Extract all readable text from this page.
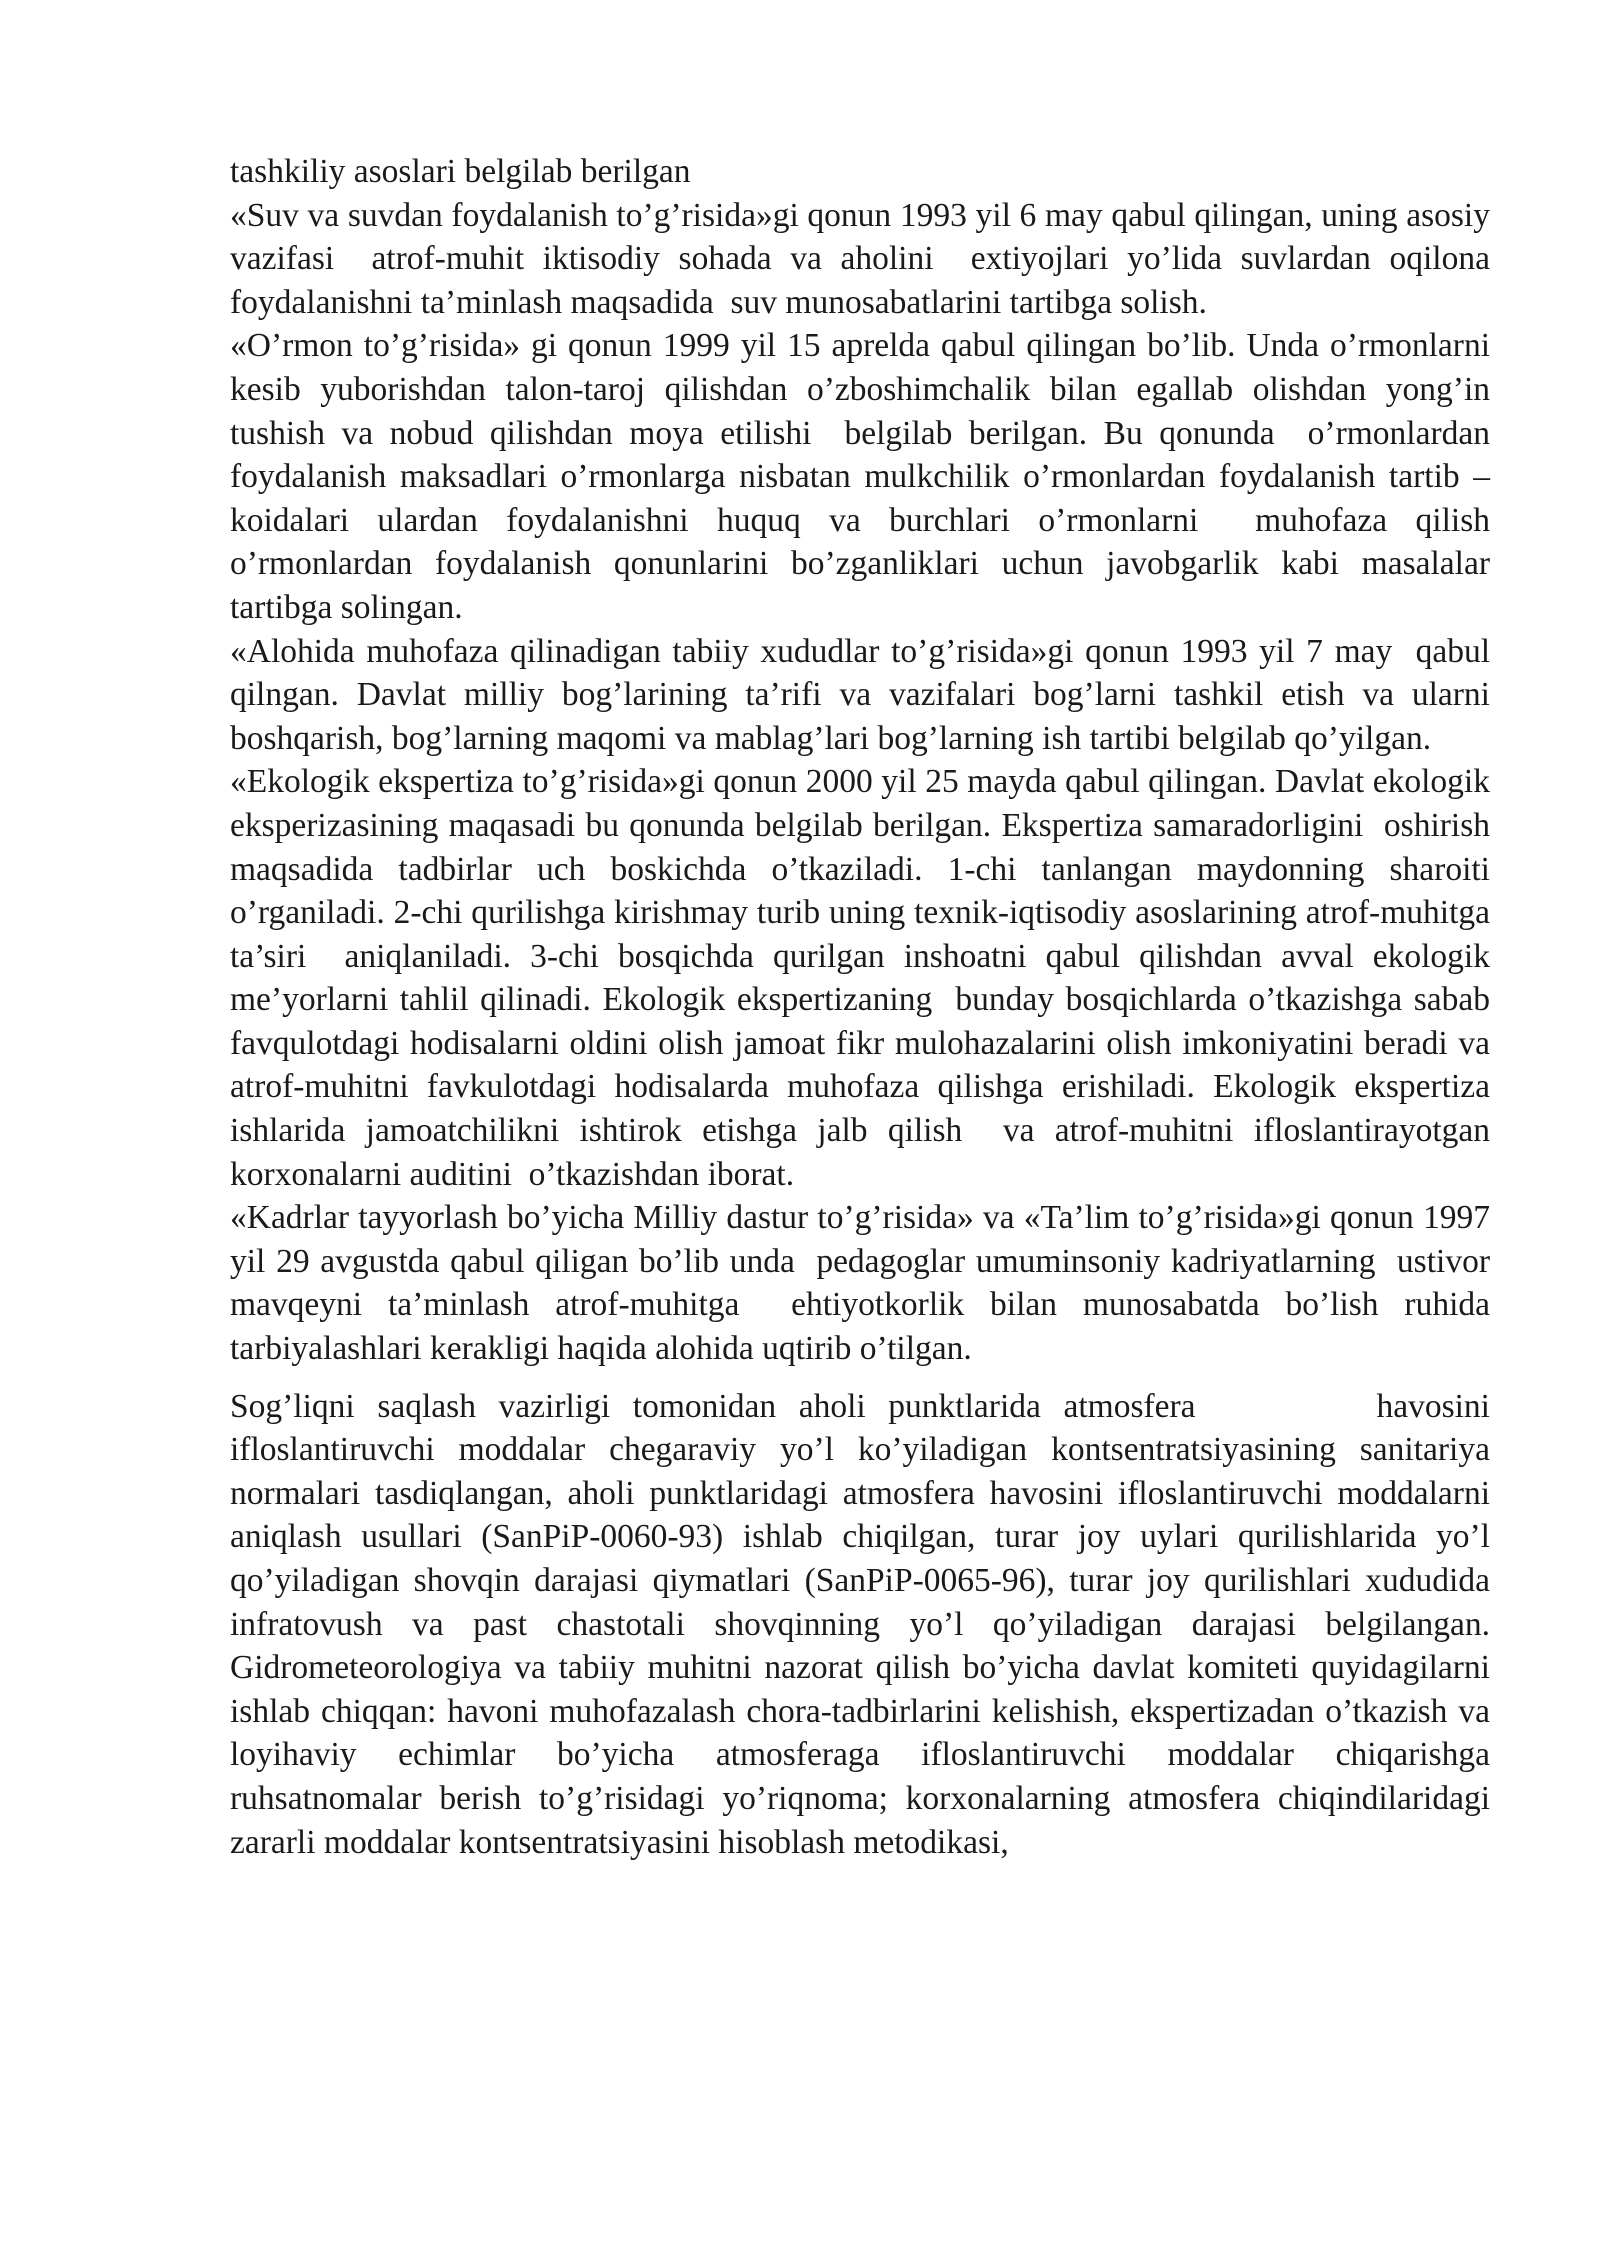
tashkiliy asoslari belgilab berilgan

«Suv va suvdan foydalanish to’g’risida»gi qonun 1993 yil 6 may qabul qilingan, uning asosiy vazifasi  atrof-muhit iktisodiy sohada va aholini  extiyojlari yo’lida suvlardan oqilona  foydalanishni ta’minlash maqsadida  suv munosabatlarini tartibga solish.

«O’rmon to’g’risida» gi qonun 1999 yil 15 aprelda qabul qilingan bo’lib. Unda o’rmonlarni kesib yuborishdan talon-taroj qilishdan o’zboshimchalik bilan egallab olishdan yong’in tushish va nobud qilishdan moya etilishi  belgilab berilgan. Bu qonunda  o’rmonlardan foydalanish maksadlari o’rmonlarga nisbatan mulkchilik o’rmonlardan foydalanish tartib –koidalari ulardan foydalanishni huquq va burchlari o’rmonlarni  muhofaza qilish o’rmonlardan foydalanish qonunlarini bo’zganliklari uchun javobgarlik kabi masalalar tartibga solingan.

«Alohida muhofaza qilinadigan tabiiy xududlar to’g’risida»gi qonun 1993 yil 7 may  qabul qilngan. Davlat milliy bog’larining ta’rifi va vazifalari bog’larni tashkil etish va ularni boshqarish, bog’larning maqomi va mablag’lari bog’larning ish tartibi belgilab qo’yilgan.

«Ekologik ekspertiza to’g’risida»gi qonun 2000 yil 25 mayda qabul qilingan. Davlat ekologik eksperizasining maqasadi bu qonunda belgilab berilgan. Ekspertiza samaradorligini  oshirish maqsadida tadbirlar uch boskichda o’tkaziladi. 1-chi tanlangan maydonning sharoiti o’rganiladi. 2-chi qurilishga kirishmay turib uning texnik-iqtisodiy asoslarining atrof-muhitga  ta’siri  aniqlaniladi. 3-chi bosqichda qurilgan inshoatni qabul qilishdan avval ekologik me’yorlarni tahlil qilinadi. Ekologik ekspertizaning  bunday bosqichlarda o’tkazishga sabab favqulotdagi hodisalarni oldini olish jamoat fikr mulohazalarini olish imkoniyatini beradi va atrof-muhitni favkulotdagi hodisalarda muhofaza qilishga erishiladi. Ekologik ekspertiza ishlarida jamoatchilikni ishtirok etishga jalb qilish  va atrof-muhitni ifloslantirayotgan korxonalarni auditini  o’tkazishdan iborat.

«Kadrlar tayyorlash bo’yicha Milliy dastur to’g’risida» va «Ta’lim to’g’risida»gi qonun 1997 yil 29 avgustda qabul qiligan bo’lib unda  pedagoglar umuminsoniy kadriyatlarning  ustivor mavqeyni ta’minlash atrof-muhitga  ehtiyotkorlik bilan munosabatda bo’lish ruhida tarbiyalashlari kerakligi haqida alohida uqtirib o’tilgan.

Sog’liqni saqlash vazirligi tomonidan aholi punktlarida atmosfera        havosini ifloslantiruvchi moddalar chegaraviy yo’l ko’yiladigan kontsentratsiyasining sanitariya normalari tasdiqlangan, aholi punktlaridagi atmosfera havosini ifloslantiruvchi moddalarni aniqlash usullari (SanPiP-0060-93) ishlab chiqilgan, turar joy uylari qurilishlarida yo’l qo’yiladigan shovqin darajasi qiymatlari (SanPiP-0065-96), turar joy qurilishlari xududida infratovush va past chastotali shovqinning yo’l qo’yiladigan darajasi belgilangan. Gidrometeorologiya va tabiiy muhitni nazorat qilish bo’yicha davlat komiteti quyidagilarni ishlab chiqqan: havoni muhofazalash chora-tadbirlarini kelishish, ekspertizadan o’tkazish va loyihaviy echimlar bo’yicha atmosferaga ifloslantiruvchi moddalar chiqarishga ruhsatnomalar berish to’g’risidagi yo’riqnoma; korxonalarning atmosfera chiqindilaridagi zararli moddalar kontsentratsiyasini hisoblash metodikasi,
